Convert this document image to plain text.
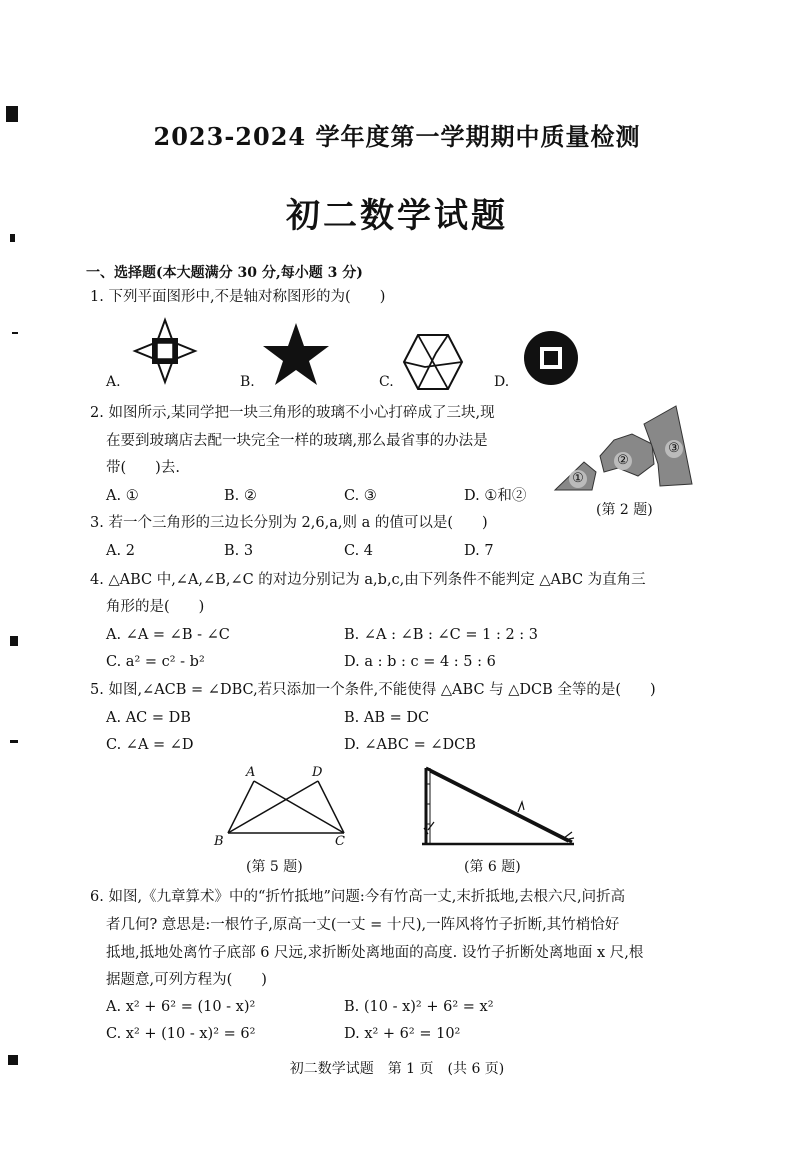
2023-2024 学年度第一学期期中质量检测
初二数学试题
一、选择题(本大题满分 30 分,每小题 3 分)
1. 下列平面图形中,不是轴对称图形的为(　　)
A.	B.	C.	D.
2. 如图所示,某同学把一块三角形的玻璃不小心打碎成了三块,现
在要到玻璃店去配一块完全一样的玻璃,那么最省事的办法是
带(　　)去.
A. ①	B. ②	C. ③	D. ①和②
①
②
③
(第 2 题)
3. 若一个三角形的三边长分别为 2,6,a,则 a 的值可以是(　　)
A. 2	B. 3	C. 4	D. 7
4. △ABC 中,∠A,∠B,∠C 的对边分别记为 a,b,c,由下列条件不能判定 △ABC 为直角三
角形的是(　　)
A. ∠A = ∠B - ∠C	B. ∠A : ∠B : ∠C = 1 : 2 : 3
C. a² = c² - b²	D. a : b : c = 4 : 5 : 6
5. 如图,∠ACB = ∠DBC,若只添加一个条件,不能使得 △ABC 与 △DCB 全等的是(　　)
A. AC = DB	B. AB = DC
C. ∠A = ∠D	D. ∠ABC = ∠DCB
A	D
B	C
(第 5 题)	(第 6 题)
6. 如图,《九章算术》中的“折竹抵地”问题:今有竹高一丈,末折抵地,去根六尺,问折高
者几何? 意思是:一根竹子,原高一丈(一丈 = 十尺),一阵风将竹子折断,其竹梢恰好
抵地,抵地处离竹子底部 6 尺远,求折断处离地面的高度. 设竹子折断处离地面 x 尺,根
据题意,可列方程为(　　)
A. x² + 6² = (10 - x)²	B. (10 - x)² + 6² = x²
C. x² + (10 - x)² = 6²	D. x² + 6² = 10²
初二数学试题　第 1 页　(共 6 页)
